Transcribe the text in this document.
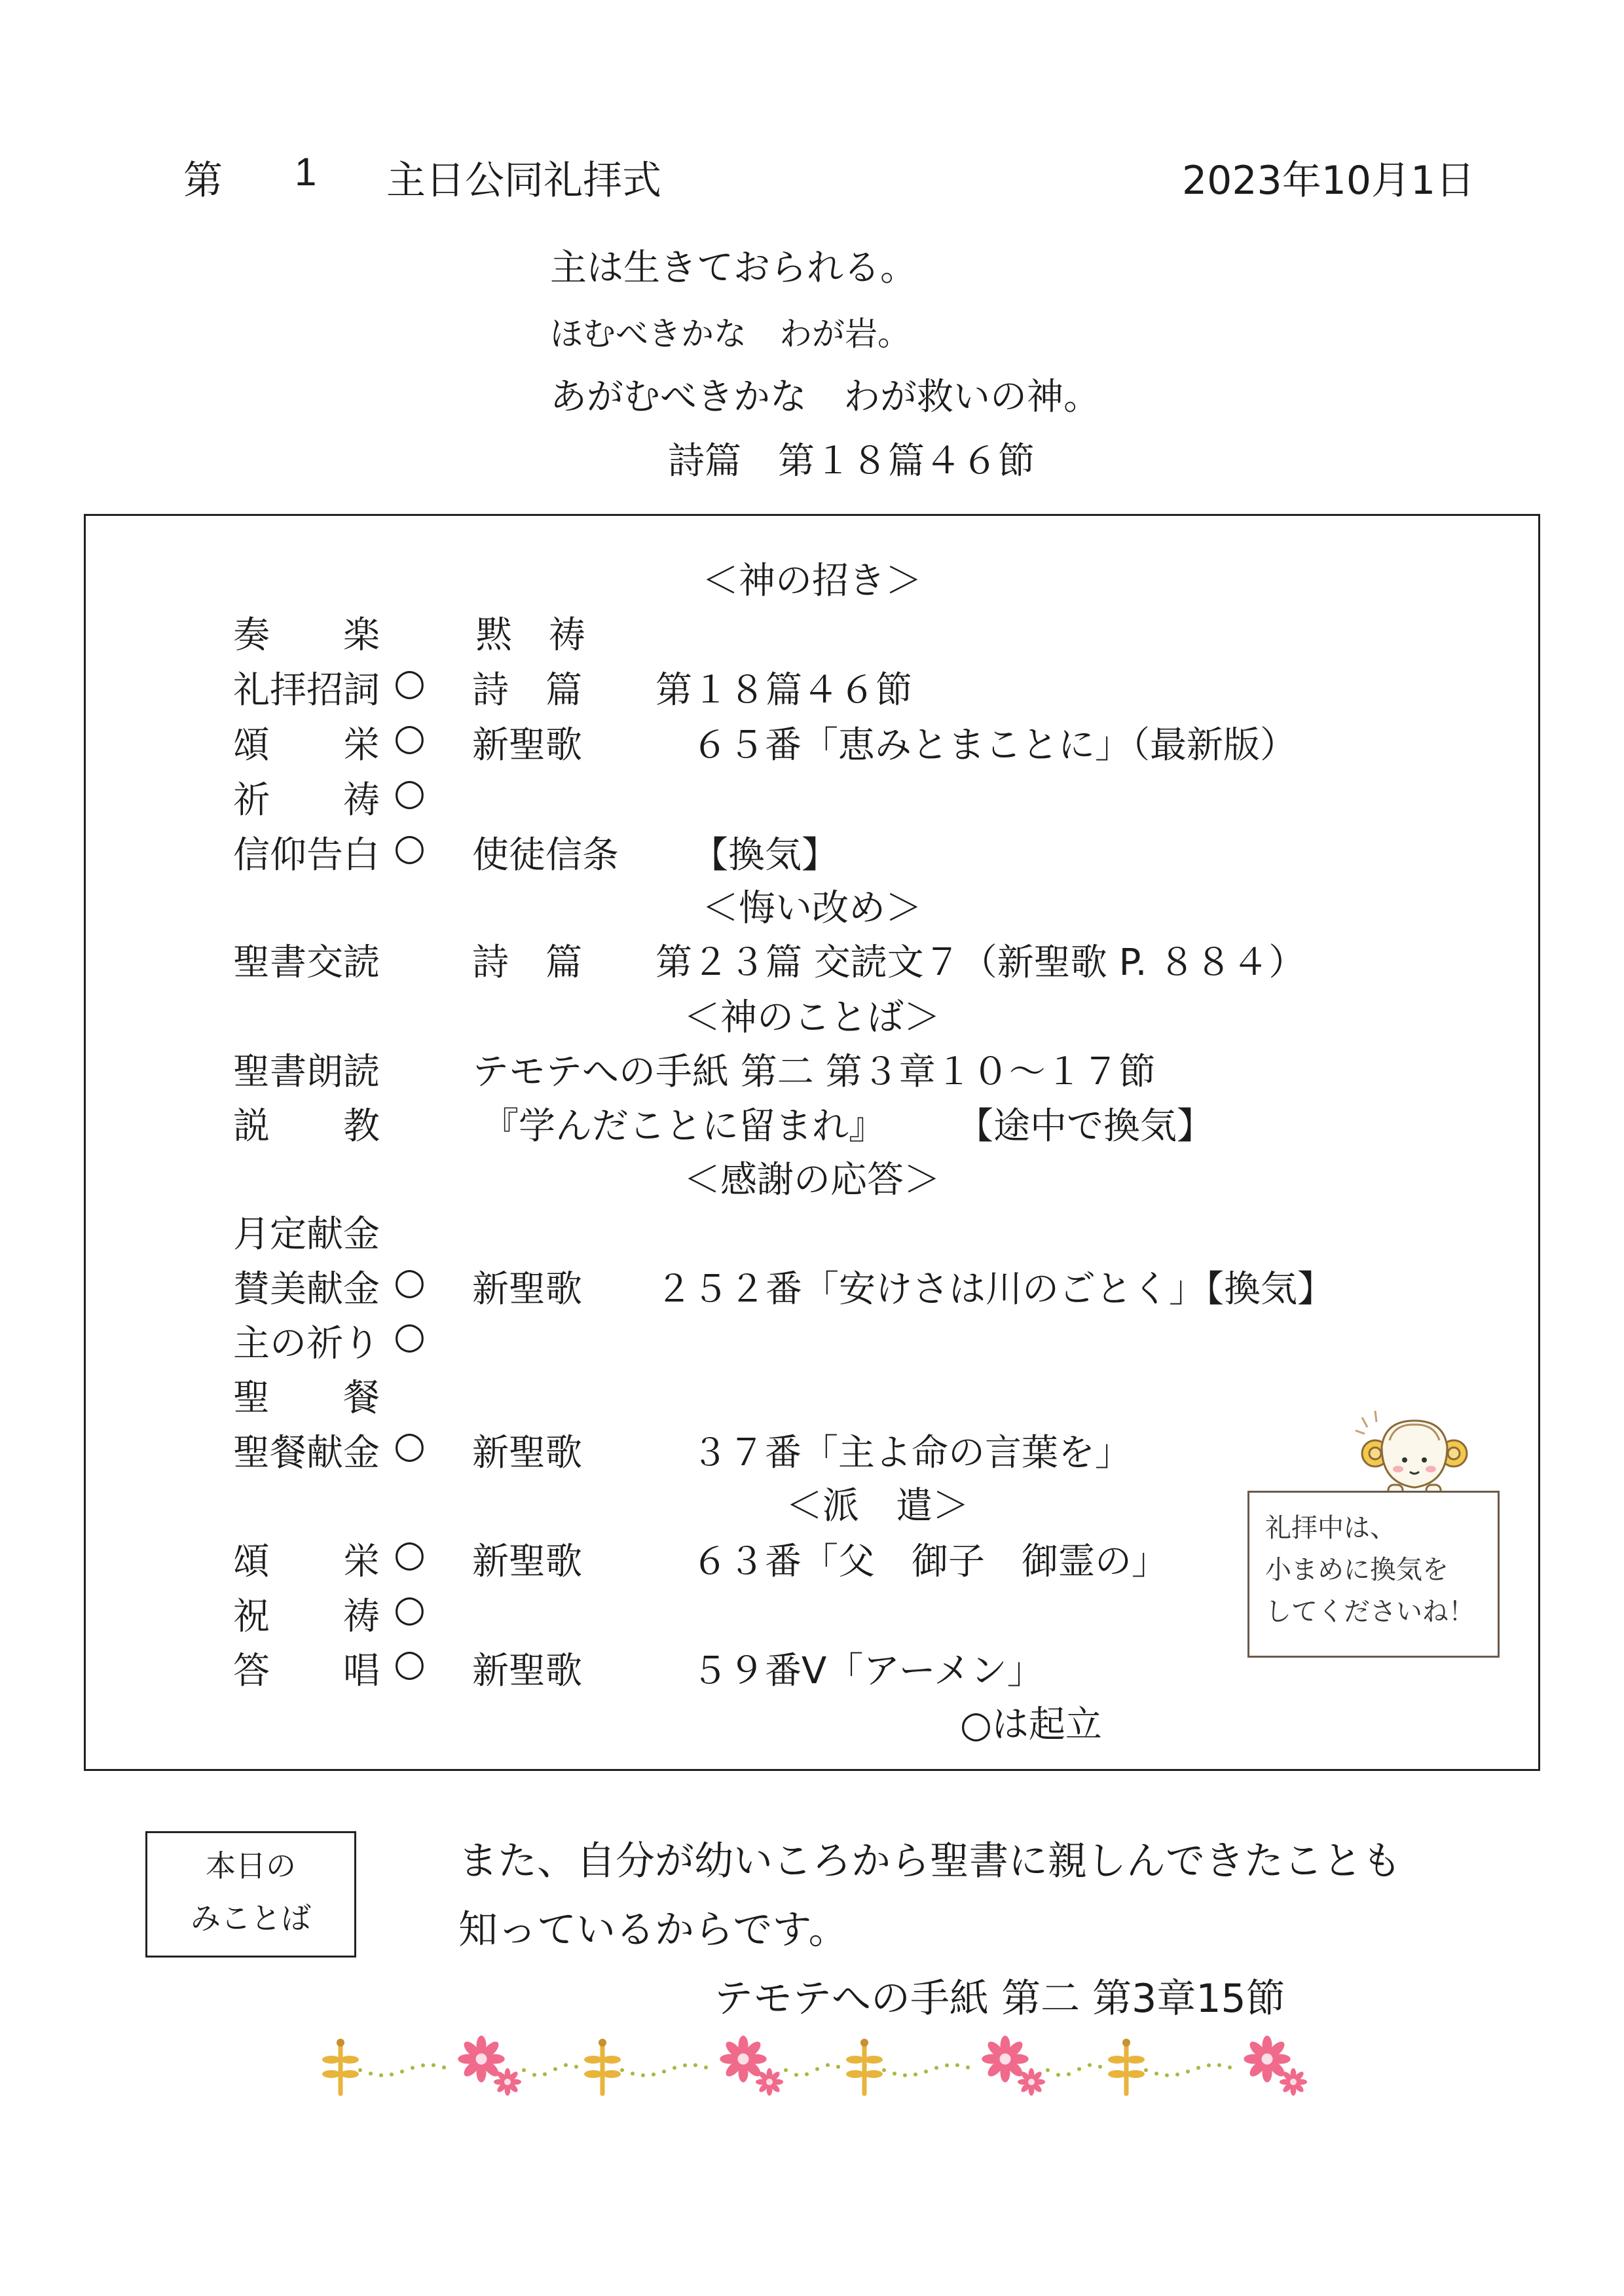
第 1 主日公同礼拝式	2023年10月1日
主は生きておられる。
ほむべきかな　わが岩。
あがむべきかな　わが救いの神。
詩篇　第１８篇４６節
＜神の招き＞
奏　　楽	黙　祷
礼拝招詞 ○ 詩　篇 第１８篇４６節
頌　　栄 ○ 新聖歌	６５番「恵みとまことに」（最新版）
祈　　祷 ○
信仰告白 ○ 使徒信条 【換気】
＜悔い改め＞
聖書交読	詩　篇 第２３篇 交読文７（新聖歌 P. ８８４）
＜神のことば＞
聖書朗読	テモテへの手紙 第二 第３章１０～１７節
説　　教	『学んだことに留まれ』 【途中で換気】
＜感謝の応答＞
月定献金
賛美献金 ○ 新聖歌 ２５２番「安けさは川のごとく」【換気】
主の祈り ○
聖　　餐
聖餐献金 ○ 新聖歌	３７番「主よ命の言葉を」
＜派　遣＞
頌　　栄 ○ 新聖歌	６３番「父　御子　御霊の」
祝　　祷 ○
答　　唱 ○ 新聖歌	５９番V「アーメン」
○は起立
礼拝中は、
小まめに換気を
してくださいね！
本日の
みことば
また、自分が幼いころから聖書に親しんできたことも
知っているからです。
テモテへの手紙 第二 第3章15節
